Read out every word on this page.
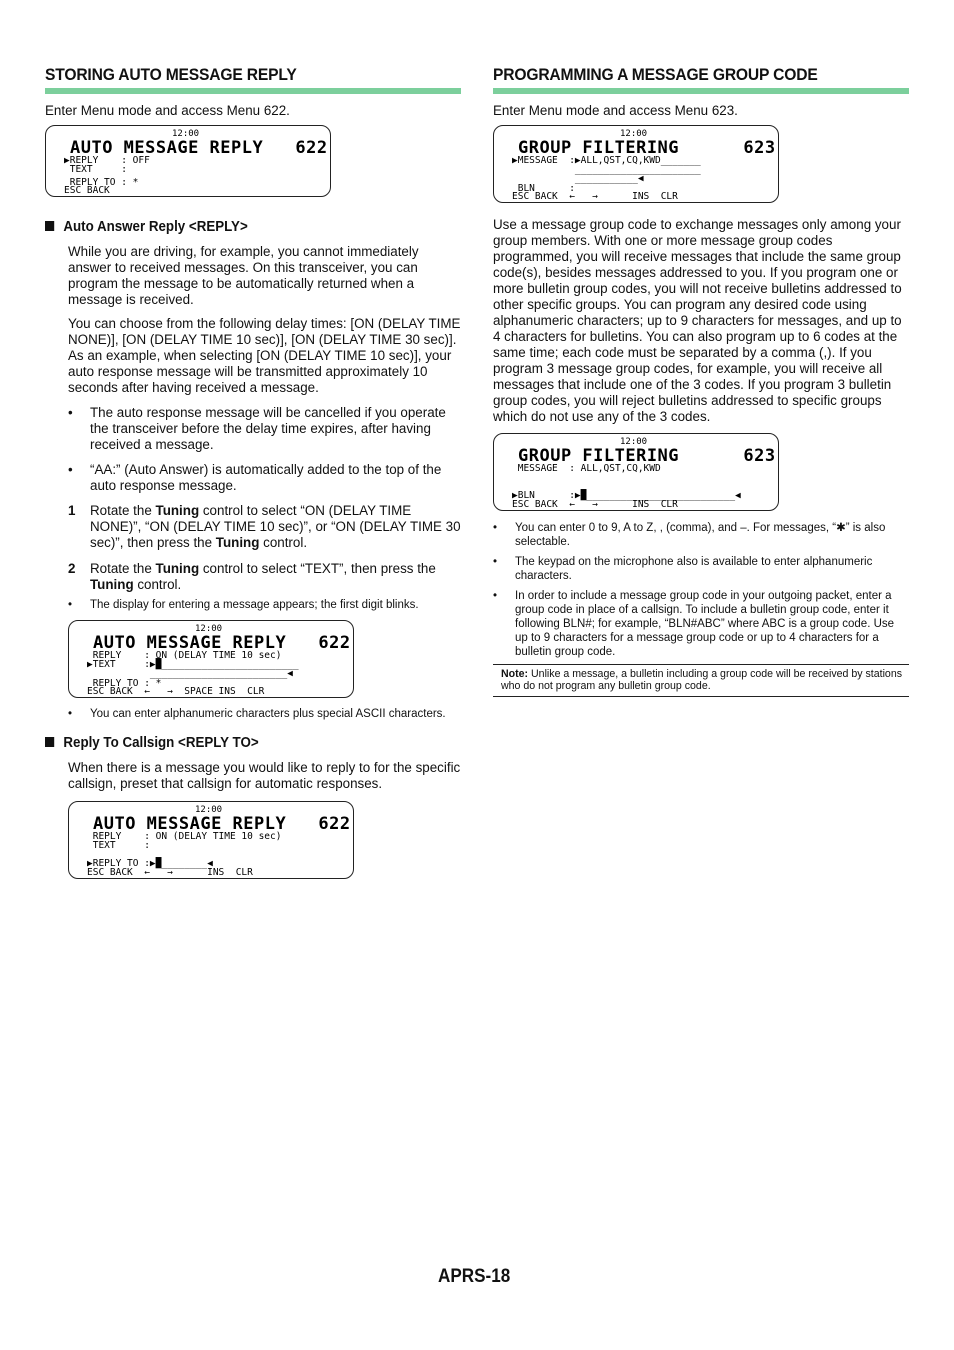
STORING AUTO MESSAGE REPLY

Enter Menu mode and access Menu 622.

12:00
AUTO MESSAGE REPLY   622
▶REPLY    : OFF
TEXT     :
REPLY TO : *
ESC BACK
Auto Answer Reply <REPLY>

While you are driving, for example, you cannot immediately answer to received messages. On this transceiver, you can program the message to be automatically returned when a message is received.

You can choose from the following delay times: [ON (DELAY TIME NONE)], [ON (DELAY TIME 10 sec)], [ON (DELAY TIME 30 sec)]. As an example, when selecting [ON (DELAY TIME 10 sec)], your auto response message will be transmitted approximately 10 seconds after having received a message.

•	The auto response message will be cancelled if you operate the transceiver before the delay time expires, after having received a message.
•	“AA:” (Auto Answer) is automatically added to the top of the auto response message.
1	Rotate the Tuning control to select “ON (DELAY TIME NONE)”, “ON (DELAY TIME 10 sec)”, or “ON (DELAY TIME 30 sec)”, then press the Tuning control.
2	Rotate the Tuning control to select “TEXT”, then press the Tuning control.
•	The display for entering a message appears; the first digit blinks.
12:00
AUTO MESSAGE REPLY   622
REPLY    : ON (DELAY TIME 10 sec)
▶TEXT     :▶█________________________
________________________◀
REPLY TO : *
ESC BACK  ←   →  SPACE INS  CLR
•	You can enter alphanumeric characters plus special ASCII characters.
Reply To Callsign <REPLY TO>

When there is a message you would like to reply to for the specific callsign, preset that callsign for automatic responses.

12:00
AUTO MESSAGE REPLY   622
REPLY    : ON (DELAY TIME 10 sec)
TEXT     :
▶REPLY TO :▶█________◀
ESC BACK  ←   →      INS  CLR
PROGRAMMING A MESSAGE GROUP CODE

Enter Menu mode and access Menu 623.

12:00
GROUP FILTERING      623
▶MESSAGE  :▶ALL,QST,CQ,KWD_______
______________________
___________◀
BLN      :
ESC BACK  ←   →      INS  CLR

Use a message group code to exchange messages only among your group members. With one or more message group codes programmed, you will receive messages that include the same group code(s), besides messages addressed to you. If you program one or more bulletin group codes, you will not receive bulletins addressed to other specific groups. You can program any desired code using alphanumeric characters; up to 9 characters for messages, and up to 4 characters for bulletins. You can also program up to 6 codes at the same time; each code must be separated by a comma (,). If you program 3 message group codes, for example, you will receive all messages that include one of the 3 codes. If you program 3 bulletin group codes, you will reject bulletins addressed to specific groups which do not use any of the 3 codes.

12:00
GROUP FILTERING      623
MESSAGE  : ALL,QST,CQ,KWD
▶BLN      :▶█__________________________◀
ESC BACK  ←   →      INS  CLR
•	You can enter 0 to 9, A to Z, , (comma), and –. For messages, “✱” is also selectable.
•	The keypad on the microphone also is available to enter alphanumeric characters.
•	In order to include a message group code in your outgoing packet, enter a group code in place of a callsign. To include a bulletin group code, enter it following BLN#; for example, “BLN#ABC” where ABC is a group code. Use up to 9 characters for a message group code or up to 4 characters for a bulletin group code.
Note: Unlike a message, a bulletin including a group code will be received by stations who do not program any bulletin group code.
APRS-18
